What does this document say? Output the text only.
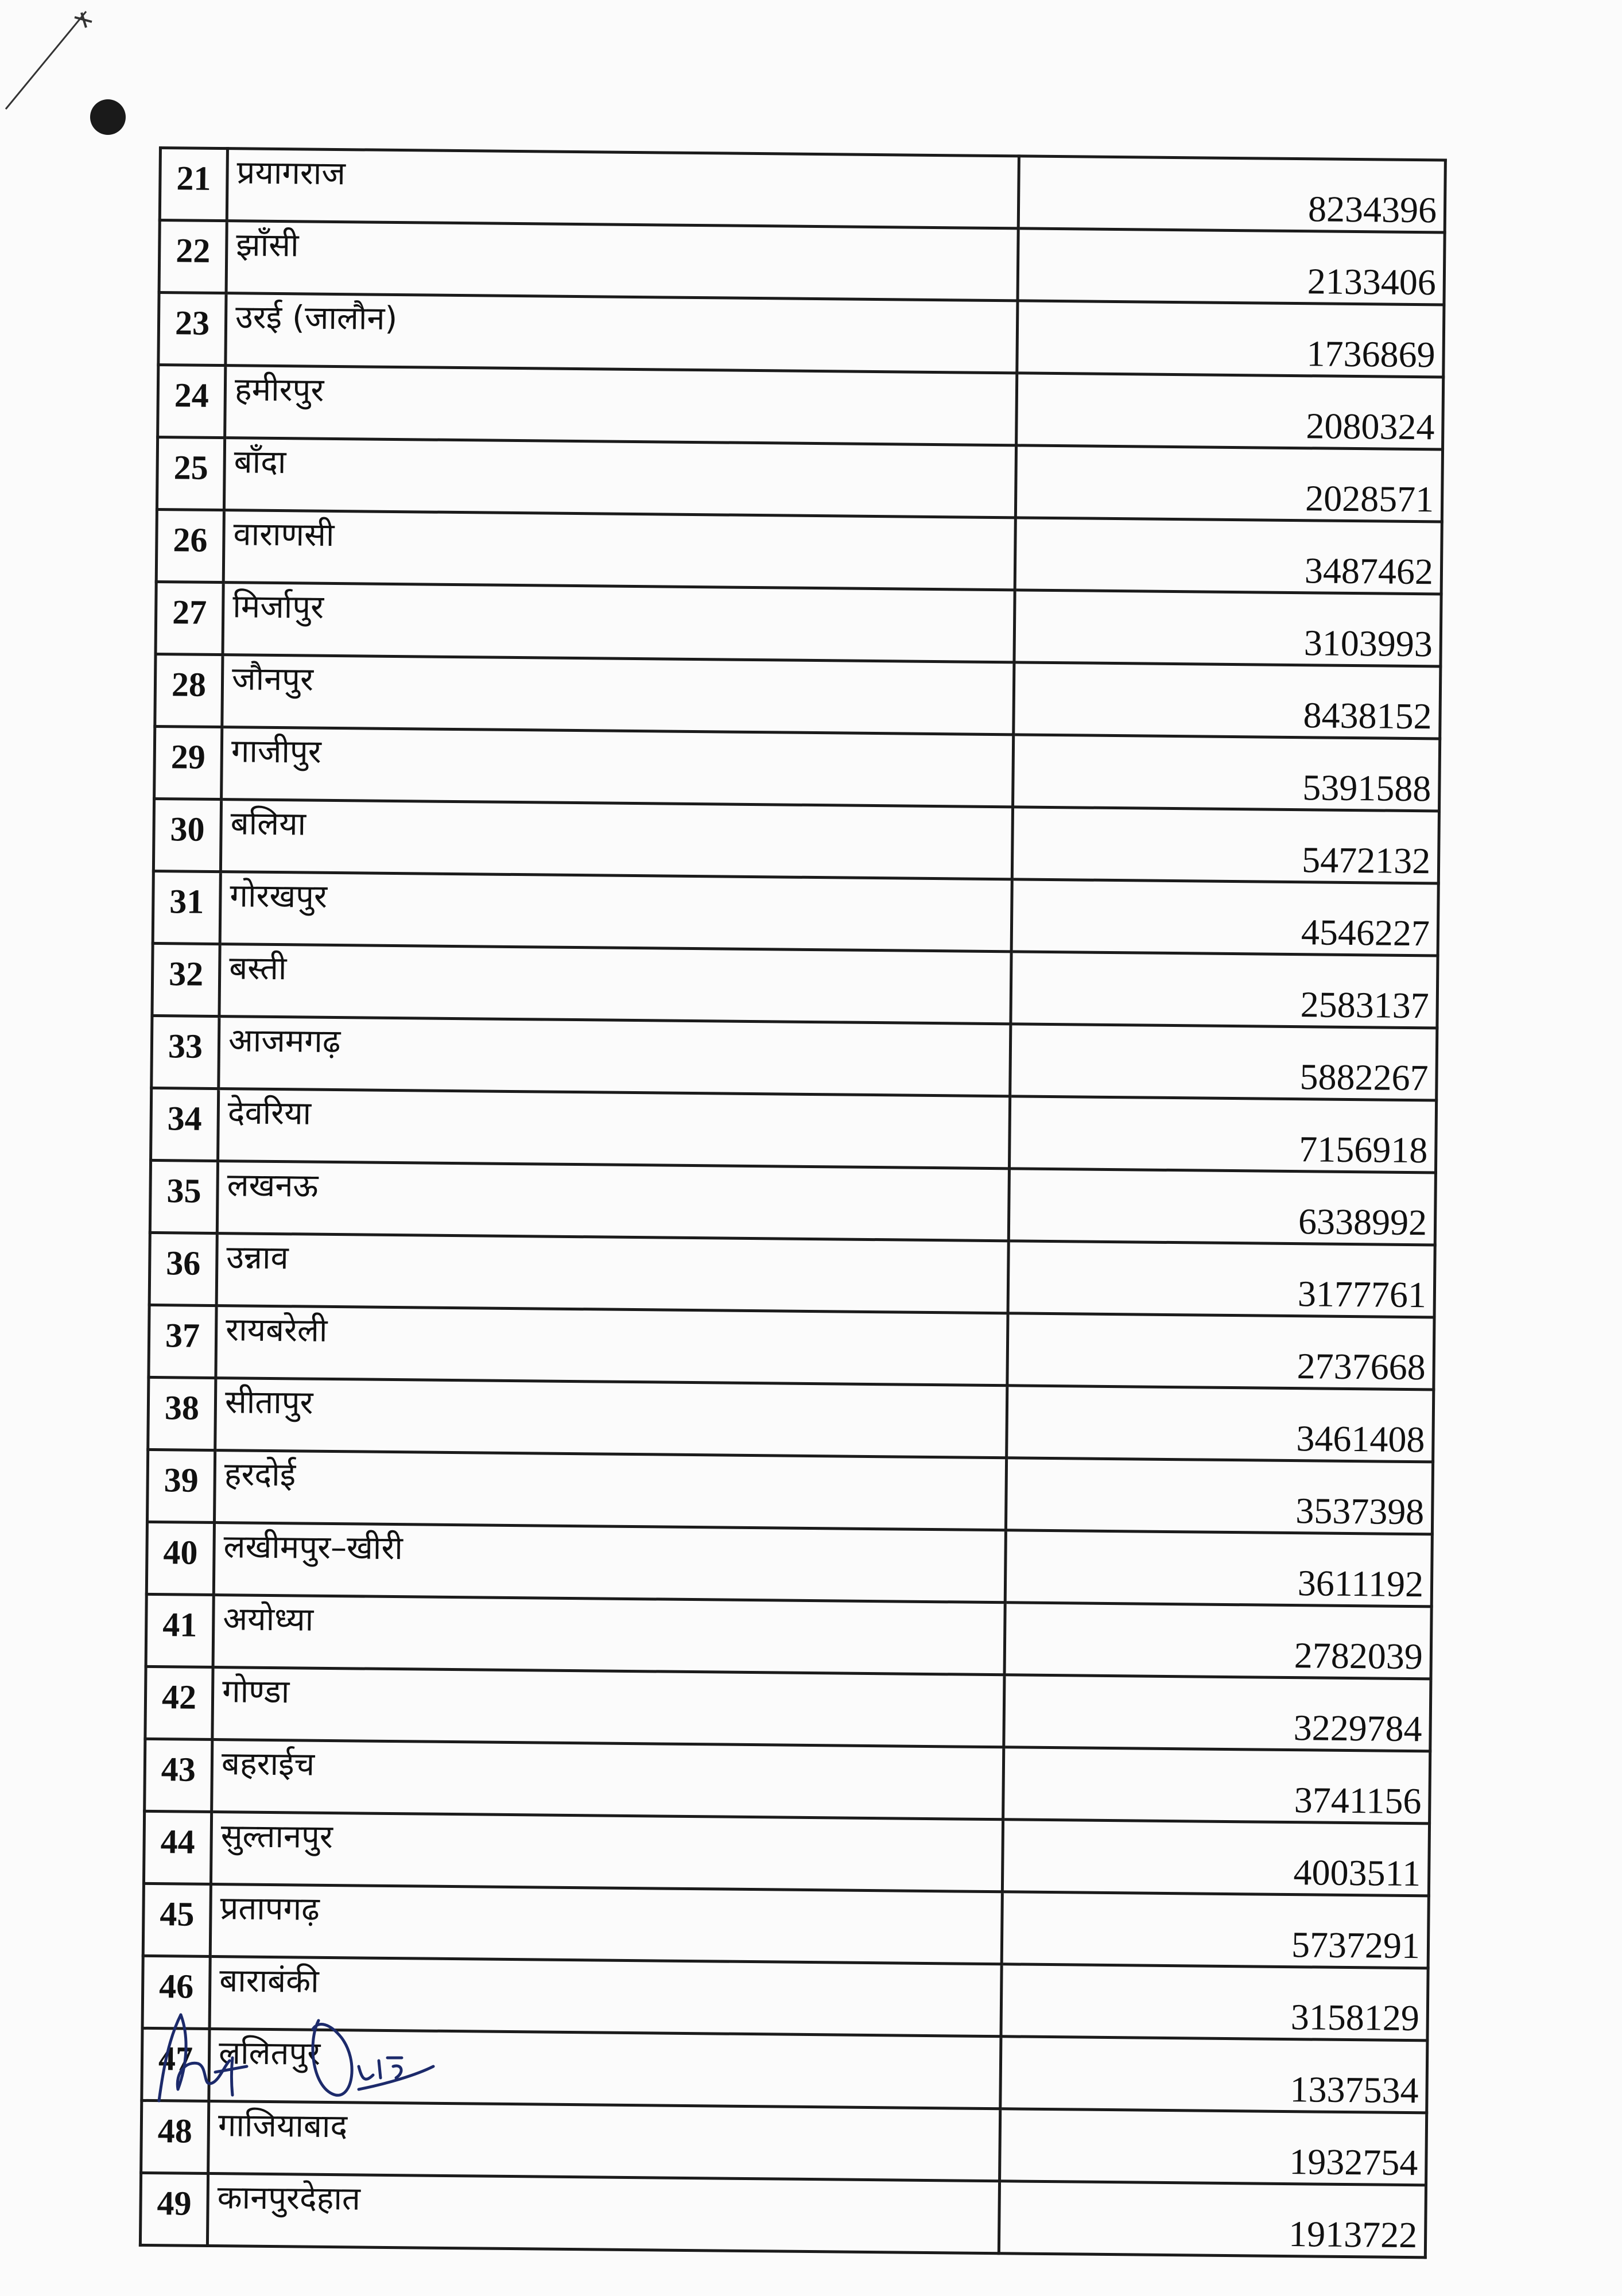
21	प्रयागराज	8234396
22	झाँसी	2133406
23	उरई (जालौन)	1736869
24	हमीरपुर	2080324
25	बाँदा	2028571
26	वाराणसी	3487462
27	मिर्जापुर	3103993
28	जौनपुर	8438152
29	गाजीपुर	5391588
30	बलिया	5472132
31	गोरखपुर	4546227
32	बस्ती	2583137
33	आजमगढ़	5882267
34	देवरिया	7156918
35	लखनऊ	6338992
36	उन्नाव	3177761
37	रायबरेली	2737668
38	सीतापुर	3461408
39	हरदोई	3537398
40	लखीमपुर–खीरी	3611192
41	अयोध्या	2782039
42	गोण्डा	3229784
43	बहराईच	3741156
44	सुल्तानपुर	4003511
45	प्रतापगढ़	5737291
46	बाराबंकी	3158129
47	ललितपुर	1337534
48	गाजियाबाद	1932754
49	कानपुरदेहात	1913722
